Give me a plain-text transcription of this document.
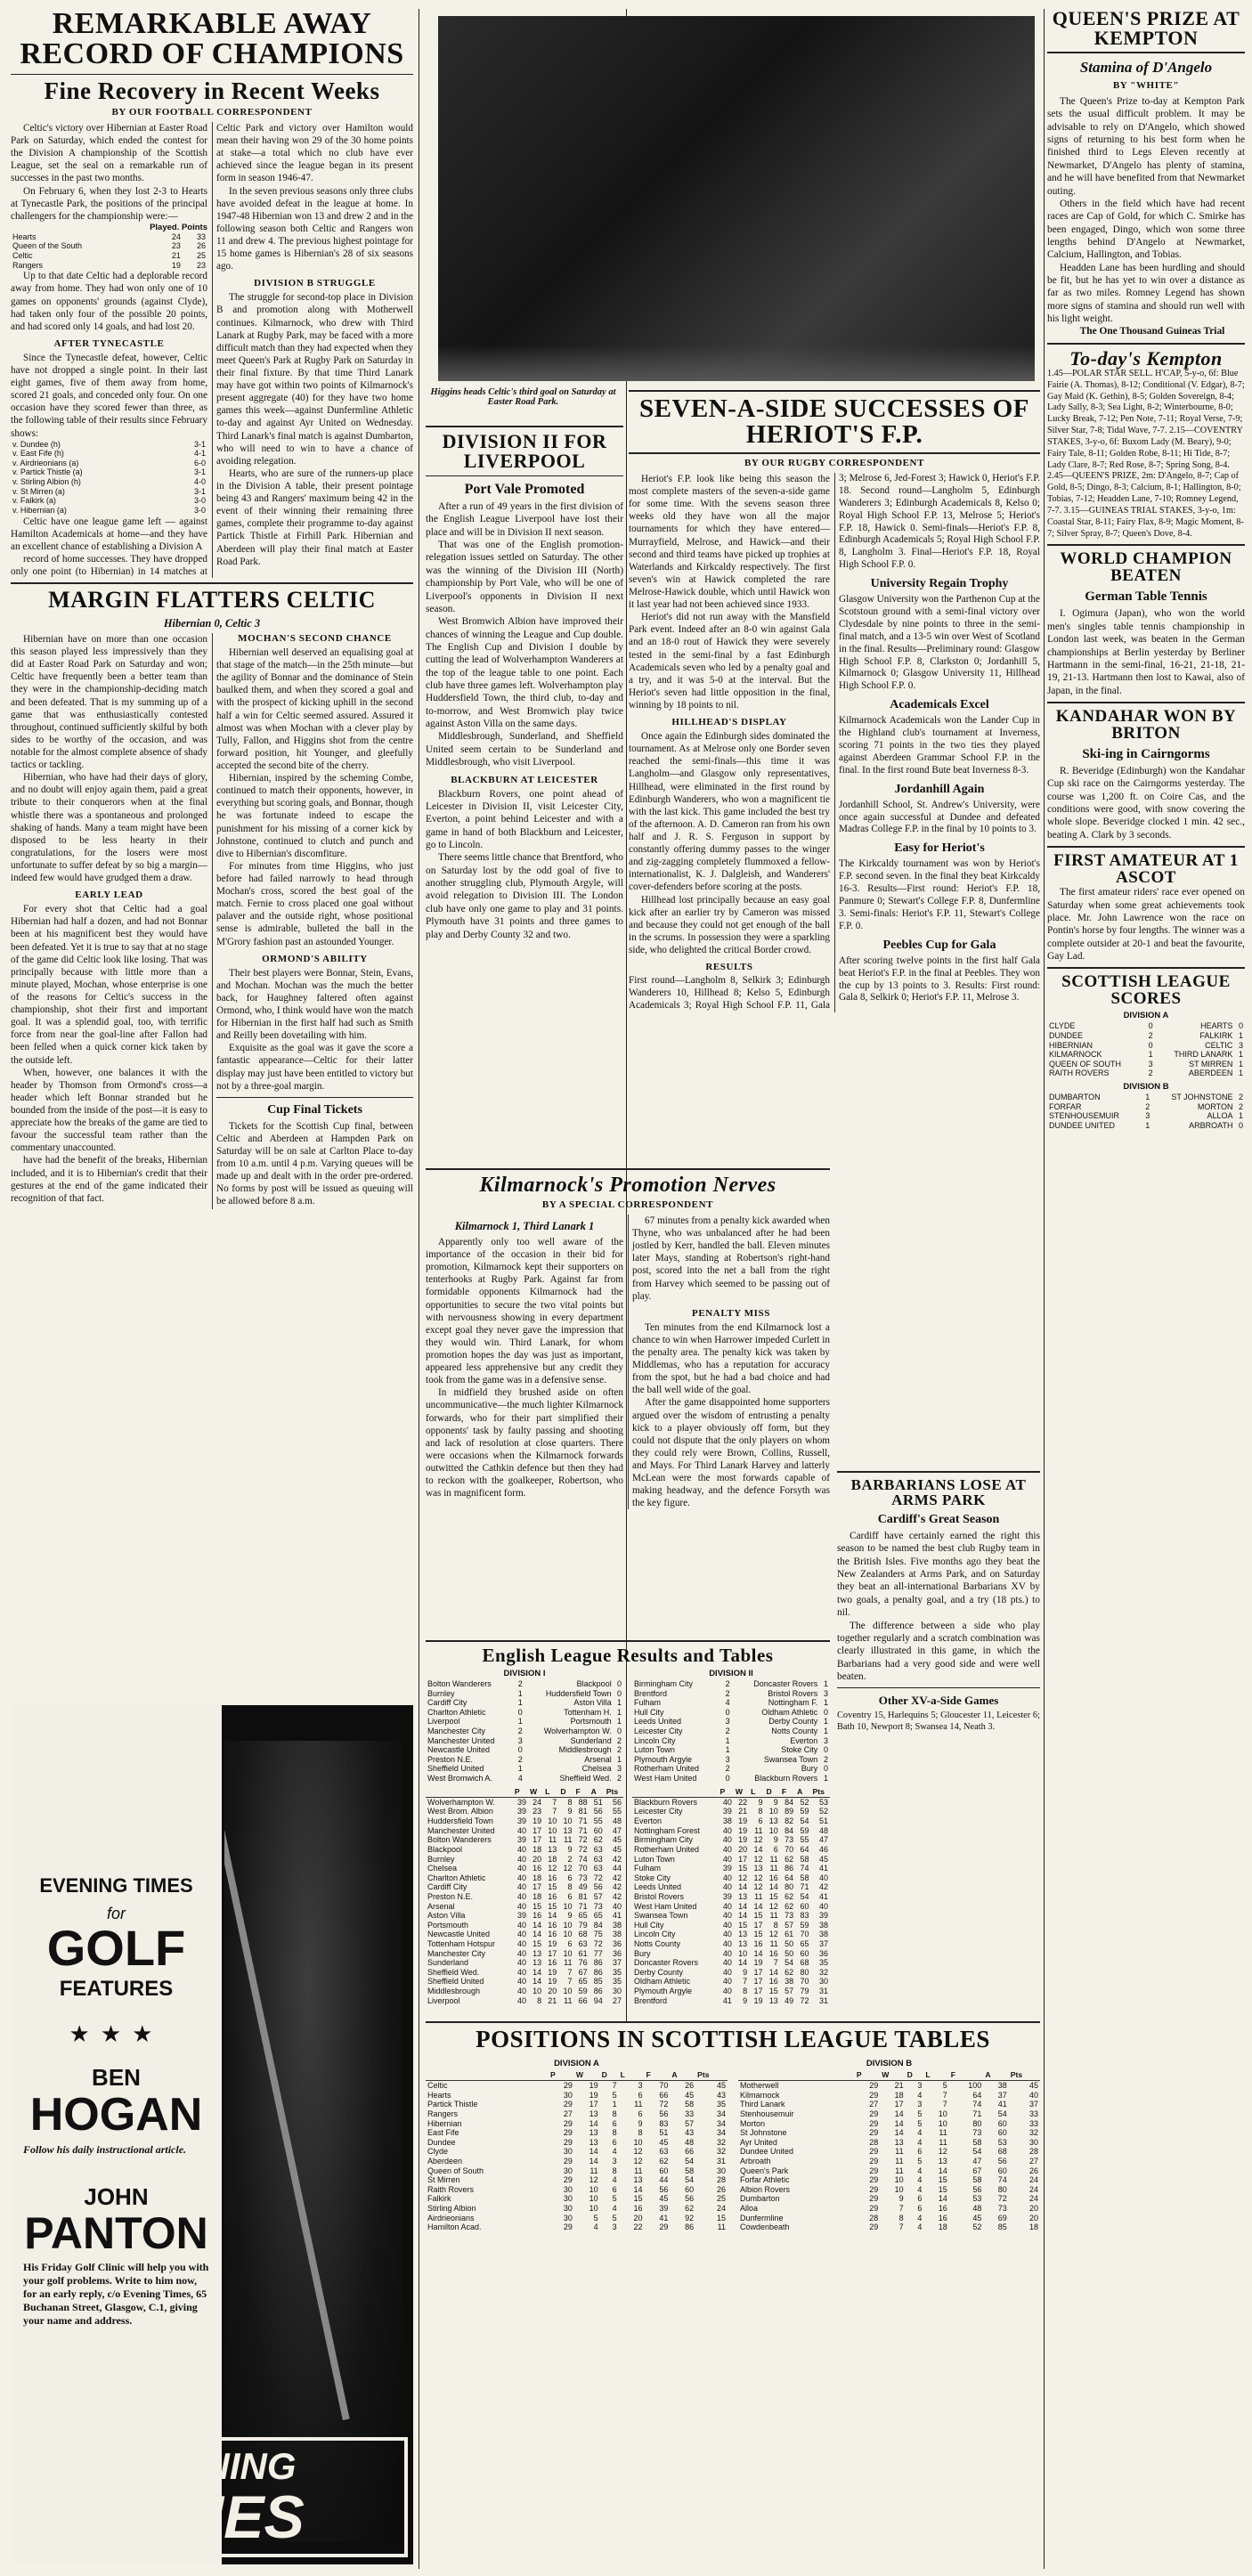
REMARKABLE AWAY RECORD OF CHAMPIONS
Fine Recovery in Recent Weeks
BY OUR FOOTBALL CORRESPONDENT

Celtic's victory over Hibernian at Easter Road Park on Saturday, which ended the contest for the Division A championship of the Scottish League, set the seal on a remarkable run of successes in the past two months.

On February 6, when they lost 2-3 to Hearts at Tynecastle Park, the positions of the principal challengers for the championship were:—

Played. Points
Hearts	24	33
Queen of the South	23	26
Celtic	21	25
Rangers	19	23

Up to that date Celtic had a deplorable record away from home. They had won only one of 10 games on opponents' grounds (against Clyde), had taken only four of the possible 20 points, and had scored only 14 goals, and had lost 20.

AFTER TYNECASTLE

Since the Tynecastle defeat, however, Celtic have not dropped a single point. In their last eight games, five of them away from home, scored 21 goals, and conceded only four. On one occasion have they scored fewer than three, as the following table of their results since February shows:

v. Dundee (h)	3-1
v. East Fife (h)	4-1
v. Airdrieonians (a)	6-0
v. Partick Thistle (a)	3-1
v. Stirling Albion (h)	4-0
v. St Mirren (a)	3-1
v. Falkirk (a)	3-0
v. Hibernian (a)	3-0

Celtic have one league game left — against Hamilton Academicals at home—and they have an excellent chance of establishing a Division A

record of home successes. They have dropped only one point (to Hibernian) in 14 matches at Celtic Park and victory over Hamilton would mean their having won 29 of the 30 home points at stake—a total which no club have ever achieved since the league began in its present form in season 1946-47.

In the seven previous seasons only three clubs have avoided defeat in the league at home. In 1947-48 Hibernian won 13 and drew 2 and in the following season both Celtic and Rangers won 11 and drew 4. The previous highest pointage for 15 home games is Hibernian's 28 of six seasons ago.

DIVISION B STRUGGLE

The struggle for second-top place in Division B and promotion along with Motherwell continues. Kilmarnock, who drew with Third Lanark at Rugby Park, may be faced with a more difficult match than they had expected when they meet Queen's Park at Rugby Park on Saturday in their final fixture. By that time Third Lanark may have got within two points of Kilmarnock's present aggregate (40) for they have two home games this week—against Dunfermline Athletic to-day and against Ayr United on Wednesday. Third Lanark's final match is against Dumbarton, who will need to win to have a chance of avoiding relegation.

Hearts, who are sure of the runners-up place in the Division A table, their present pointage being 43 and Rangers' maximum being 42 in the event of their winning their remaining three games, complete their programme to-day against Partick Thistle at Firhill Park. Hibernian and Aberdeen will play their final match at Easter Road Park.

MARGIN FLATTERS CELTIC
Hibernian 0, Celtic 3

Hibernian have on more than one occasion this season played less impressively than they did at Easter Road Park on Saturday and won; Celtic have frequently been a better team than they were in the championship-deciding match and been defeated. That is my summing up of a game that was enthusiastically contested throughout, continued sufficiently skilful by both sides to be worthy of the occasion, and was notable for the almost complete absence of shady tactics or tackling.

Hibernian, who have had their days of glory, and no doubt will enjoy again them, paid a great tribute to their conquerors when at the final whistle there was a spontaneous and prolonged shaking of hands. Many a team might have been disposed to be less hearty in their congratulations, for the losers were most unfortunate to suffer defeat by so big a margin—indeed few would have grudged them a draw.

EARLY LEAD

For every shot that Celtic had a goal Hibernian had half a dozen, and had not Bonnar been at his magnificent best they would have been defeated. Yet it is true to say that at no stage of the game did Celtic look like losing. That was principally because with little more than a minute played, Mochan, whose enterprise is one of the reasons for Celtic's success in the championship, shot their first and important goal. It was a splendid goal, too, with terrific force from near the goal-line after Fallon had been felled when a quick corner kick taken by the outside left.

When, however, one balances it with the header by Thomson from Ormond's cross—a header which left Bonnar stranded but he bounded from the inside of the post—it is easy to appreciate how the breaks of the game are tied to favour the successful team rather than the commentary unaccounted.

have had the benefit of the breaks, Hibernian included, and it is to Hibernian's credit that their gestures at the end of the game indicated their recognition of that fact.

MOCHAN'S SECOND CHANCE

Hibernian well deserved an equalising goal at that stage of the match—in the 25th minute—but the agility of Bonnar and the dominance of Stein baulked them, and when they scored a goal and with the prospect of kicking uphill in the second half a win for Celtic seemed assured. Assured it almost was when Mochan with a clever play by Tully, Fallon, and Higgins shot from the centre forward position, hit Younger, and gleefully accepted the second bite of the cherry.

Hibernian, inspired by the scheming Combe, continued to match their opponents, however, in everything but scoring goals, and Bonnar, though he was fortunate indeed to escape the punishment for his missing of a corner kick by Johnstone, continued to clutch and punch and dive to Hibernian's discomfiture.

For minutes from time Higgins, who just before had failed narrowly to head through Mochan's cross, scored the best goal of the match. Fernie to cross placed one goal without palaver and the outside right, whose positional sense is admirable, bulleted the ball in the M'Grory fashion past an astounded Younger.

ORMOND'S ABILITY

Their best players were Bonnar, Stein, Evans, and Mochan. Mochan was the much the better back, for Haughney faltered often against Ormond, who, I think would have won the match for Hibernian in the first half had such as Smith and Reilly been dovetailing with him.

Exquisite as the goal was it gave the score a fantastic appearance—Celtic for their latter display may just have been entitled to victory but not by a three-goal margin.

Cup Final Tickets

Tickets for the Scottish Cup final, between Celtic and Aberdeen at Hampden Park on Saturday will be on sale at Carlton Place to-day from 10 a.m. until 4 p.m. Varying queues will be made up and dealt with in the order pre-ordered. No forms by post will be issued as queuing will be allowed before 8 a.m.

EVENING TIMES
for
GOLF
FEATURES
★★★
BEN
HOGAN
Follow his daily instructional article.
JOHN
PANTON
His Friday Golf Clinic will help you with your golf problems. Write to him now, for an early reply, c/o Evening Times, 65 Buchanan Street, Glasgow, C.1, giving your name and address.
EVENING
TIMES
Higgins heads Celtic's third goal on Saturday at Easter Road Park.
DIVISION II FOR LIVERPOOL
Port Vale Promoted

After a run of 49 years in the first division of the English League Liverpool have lost their place and will be in Division II next season.

That was one of the English promotion-relegation issues settled on Saturday. The other was the winning of the Division III (North) championship by Port Vale, who will be one of Liverpool's opponents in Division II next season.

West Bromwich Albion have improved their chances of winning the League and Cup double. The English Cup and Division I double by cutting the lead of Wolverhampton Wanderers at the top of the league table to one point. Each club have three games left. Wolverhampton play Huddersfield Town, the third club, to-day and to-morrow, and West Bromwich play twice against Aston Villa on the same days.

Middlesbrough, Sunderland, and Sheffield United seem certain to be Sunderland and Middlesbrough, who visit Liverpool.

BLACKBURN AT LEICESTER

Blackburn Rovers, one point ahead of Leicester in Division II, visit Leicester City, Everton, a point behind Leicester and with a game in hand of both Blackburn and Leicester, go to Lincoln.

There seems little chance that Brentford, who on Saturday lost by the odd goal of five to another struggling club, Plymouth Argyle, will avoid relegation to Division III. The London club have only one game to play and 31 points. Plymouth have 31 points and three games to play and Derby County 32 and two.

SEVEN-A-SIDE SUCCESSES OF HERIOT'S F.P.
BY OUR RUGBY CORRESPONDENT

Heriot's F.P. look like being this season the most complete masters of the seven-a-side game for some time. With the sevens season three weeks old they have won all the major tournaments for which they have entered—Murrayfield, Melrose, and Hawick—and their second and third teams have picked up trophies at Waterlands and Kirkcaldy respectively. The first seven's win at Hawick completed the rare Melrose-Hawick double, which until Hawick won it last year had not been achieved since 1933.

Heriot's did not run away with the Mansfield Park event. Indeed after an 8-0 win against Gala and an 18-0 rout of Hawick they were severely tested in the semi-final by a fast Edinburgh Academicals seven who led by a penalty goal and a try, and it was 5-0 at the interval. But the Heriot's seven had little opposition in the final, winning by 18 points to nil.

HILLHEAD'S DISPLAY

Once again the Edinburgh sides dominated the tournament. As at Melrose only one Border seven reached the semi-finals—this time it was Langholm—and Glasgow only representatives, Hillhead, were eliminated in the first round by Edinburgh Wanderers, who won a magnificent tie with the last kick. This game included the best try of the afternoon. A. D. Cameron ran from his own half and J. R. S. Ferguson in support by constantly offering dummy passes to the winger and zig-zagging completely flummoxed a fellow-internationalist, K. J. Dalgleish, and Wanderers' cover-defenders before scoring at the posts.

Hillhead lost principally because an easy goal kick after an earlier try by Cameron was missed and because they could not get enough of the ball in the scrums. In possession they were a sparkling side, who delighted the critical Border crowd.

RESULTS

First round—Langholm 8, Selkirk 3; Edinburgh Wanderers 10, Hillhead 8; Kelso 5, Edinburgh Academicals 3; Royal High School F.P. 11, Gala 3; Melrose 6, Jed-Forest 3; Hawick 0, Heriot's F.P. 18. Second round—Langholm 5, Edinburgh Wanderers 3; Edinburgh Academicals 8, Kelso 0; Royal High School F.P. 13, Melrose 5; Heriot's F.P. 18, Hawick 0. Semi-finals—Heriot's F.P. 8, Edinburgh Academicals 5; Royal High School F.P. 8, Langholm 3. Final—Heriot's F.P. 18, Royal High School F.P. 0.

University Regain Trophy

Glasgow University won the Parthenon Cup at the Scotstoun ground with a semi-final victory over Clydesdale by nine points to three in the semi-final match, and a 13-5 win over West of Scotland in the final. Results—Preliminary round: Glasgow High School F.P. 8, Clarkston 0; Jordanhill 5, Kilmarnock 0; Glasgow University 11, Hillhead High School F.P. 0.

Academicals Excel

Kilmarnock Academicals won the Lander Cup in the Highland club's tournament at Inverness, scoring 71 points in the two ties they played against Aberdeen Grammar School F.P. in the final. In the first round Bute beat Inverness 8-3.

Jordanhill Again

Jordanhill School, St. Andrew's University, were once again successful at Dundee and defeated Madras College F.P. in the final by 10 points to 3.

Easy for Heriot's

The Kirkcaldy tournament was won by Heriot's F.P. second seven. In the final they beat Kirkcaldy 16-3. Results—First round: Heriot's F.P. 18, Panmure 0; Stewart's College F.P. 8, Dunfermline 3. Semi-finals: Heriot's F.P. 11, Stewart's College F.P. 0.

Peebles Cup for Gala

After scoring twelve points in the first half Gala beat Heriot's F.P. in the final at Peebles. They won the cup by 13 points to 3. Results: First round: Gala 8, Selkirk 0; Heriot's F.P. 11, Melrose 3.

Kilmarnock's Promotion Nerves
BY A SPECIAL CORRESPONDENT
Kilmarnock 1, Third Lanark 1

Apparently only too well aware of the importance of the occasion in their bid for promotion, Kilmarnock kept their supporters on tenterhooks at Rugby Park. Against far from formidable opponents Kilmarnock had the opportunities to secure the two vital points but with nervousness showing in every department except goal they never gave the impression that they would win. Third Lanark, for whom promotion hopes the day was just as important, appeared less apprehensive but any credit they took from the game was in a defensive sense.

In midfield they brushed aside on often uncommunicative—the much lighter Kilmarnock forwards, who for their part simplified their opponents' task by faulty passing and shooting and lack of resolution at close quarters. There were occasions when the Kilmarnock forwards outwitted the Cathkin defence but then they had to reckon with the goalkeeper, Robertson, who was in magnificent form.

67 minutes from a penalty kick awarded when Thyne, who was unbalanced after he had been jostled by Kerr, handled the ball. Eleven minutes later Mays, standing at Robertson's right-hand post, scored into the net a ball from the right from Harvey which seemed to be passing out of play.

PENALTY MISS

Ten minutes from the end Kilmarnock lost a chance to win when Harrower impeded Curlett in the penalty area. The penalty kick was taken by Middlemas, who has a reputation for accuracy from the spot, but he had a bad choice and had the ball well wide of the goal.

After the game disappointed home supporters argued over the wisdom of entrusting a penalty kick to a player obviously off form, but they could not dispute that the only players on whom they could rely were Brown, Collins, Russell, and Mays. For Third Lanark Harvey and latterly McLean were the most forwards capable of making headway, and the defence Forsyth was the key figure.

BARBARIANS LOSE AT ARMS PARK
Cardiff's Great Season

Cardiff have certainly earned the right this season to be named the best club Rugby team in the British Isles. Five months ago they beat the New Zealanders at Arms Park, and on Saturday they beat an all-international Barbarians XV by two goals, a penalty goal, and a try (18 pts.) to nil.

The difference between a side who play together regularly and a scratch combination was clearly illustrated in this game, in which the Barbarians had a very good side and were well beaten.

Other XV-a-Side Games

Coventry 15, Harlequins 5; Gloucester 11, Leicester 6; Bath 10, Newport 8; Swansea 14, Neath 3.

English League Results and Tables
DIVISION I
Bolton Wanderers	2	Blackpool	0
Burnley	1	Huddersfield Town	0
Cardiff City	1	Aston Villa	1
Charlton Athletic	0	Tottenham H.	1
Liverpool	1	Portsmouth	1
Manchester City	2	Wolverhampton W.	0
Manchester United	3	Sunderland	2
Newcastle United	0	Middlesbrough	2
Preston N.E.	2	Arsenal	1
Sheffield United	1	Chelsea	3
West Bromwich A.	4	Sheffield Wed.	2
	P	W	L	D	F	A	Pts
Wolverhampton W.	39	24	7	8	88	51	56
West Brom. Albion	39	23	7	9	81	56	55
Huddersfield Town	39	19	10	10	71	55	48
Manchester United	40	17	10	13	71	60	47
Bolton Wanderers	39	17	11	11	72	62	45
Blackpool	40	18	13	9	72	63	45
Burnley	40	20	18	2	74	63	42
Chelsea	40	16	12	12	70	63	44
Charlton Athletic	40	18	16	6	73	72	42
Cardiff City	40	17	15	8	49	56	42
Preston N.E.	40	18	16	6	81	57	42
Arsenal	40	15	15	10	71	73	40
Aston Villa	39	16	14	9	65	65	41
Portsmouth	40	14	16	10	79	84	38
Newcastle United	40	14	16	10	68	75	38
Tottenham Hotspur	40	15	19	6	63	72	36
Manchester City	40	13	17	10	61	77	36
Sunderland	40	13	16	11	76	86	37
Sheffield Wed.	40	14	19	7	67	86	35
Sheffield United	40	14	19	7	65	85	35
Middlesbrough	40	10	20	10	59	86	30
Liverpool	40	8	21	11	66	94	27
DIVISION II
Birmingham City	2	Doncaster Rovers	1
Brentford	2	Bristol Rovers	3
Fulham	4	Nottingham F.	1
Hull City	0	Oldham Athletic	0
Leeds United	3	Derby County	1
Leicester City	2	Notts County	1
Lincoln City	1	Everton	3
Luton Town	1	Stoke City	0
Plymouth Argyle	3	Swansea Town	2
Rotherham United	2	Bury	0
West Ham United	0	Blackburn Rovers	1
	P	W	L	D	F	A	Pts
Blackburn Rovers	40	22	9	9	84	52	53
Leicester City	39	21	8	10	89	59	52
Everton	38	19	6	13	82	54	51
Nottingham Forest	40	19	11	10	84	59	48
Birmingham City	40	19	12	9	73	55	47
Rotherham United	40	20	14	6	70	64	46
Luton Town	40	17	12	11	62	58	45
Fulham	39	15	13	11	86	74	41
Stoke City	40	12	12	16	64	58	40
Leeds United	40	14	12	14	80	71	42
Bristol Rovers	39	13	11	15	62	54	41
West Ham United	40	14	14	12	62	60	40
Swansea Town	40	14	15	11	73	83	39
Hull City	40	15	17	8	57	59	38
Lincoln City	40	13	15	12	61	70	38
Notts County	40	13	16	11	50	65	37
Bury	40	10	14	16	50	60	36
Doncaster Rovers	40	14	19	7	54	68	35
Derby County	40	9	17	14	62	80	32
Oldham Athletic	40	7	17	16	38	70	30
Plymouth Argyle	40	8	17	15	57	79	31
Brentford	41	9	19	13	49	72	31
POSITIONS IN SCOTTISH LEAGUE TABLES
DIVISION A
	P	W	D	L	F	A	Pts
Celtic	29	19	7	3	70	26	45
Hearts	30	19	5	6	66	45	43
Partick Thistle	29	17	1	11	72	58	35
Rangers	27	13	8	6	56	33	34
Hibernian	29	14	6	9	83	57	34
East Fife	29	13	8	8	51	43	34
Dundee	29	13	6	10	45	48	32
Clyde	30	14	4	12	63	66	32
Aberdeen	29	14	3	12	62	54	31
Queen of South	30	11	8	11	60	58	30
St Mirren	29	12	4	13	44	54	28
Raith Rovers	30	10	6	14	56	60	26
Falkirk	30	10	5	15	45	56	25
Stirling Albion	30	10	4	16	39	62	24
Airdrieonians	30	5	5	20	41	92	15
Hamilton Acad.	29	4	3	22	29	86	11
DIVISION B
	P	W	D	L	F	A	Pts
Motherwell	29	21	3	5	100	38	45
Kilmarnock	29	18	4	7	64	37	40
Third Lanark	27	17	3	7	74	41	37
Stenhousemuir	29	14	5	10	71	54	33
Morton	29	14	5	10	80	60	33
St Johnstone	29	14	4	11	73	60	32
Ayr United	28	13	4	11	58	53	30
Dundee United	29	11	6	12	54	68	28
Arbroath	29	11	5	13	47	56	27
Queen's Park	29	11	4	14	67	60	26
Forfar Athletic	29	10	4	15	58	74	24
Albion Rovers	29	10	4	15	56	80	24
Dumbarton	29	9	6	14	53	72	24
Alloa	29	7	6	16	48	73	20
Dunfermline	28	8	4	16	45	69	20
Cowdenbeath	29	7	4	18	52	85	18
QUEEN'S PRIZE AT KEMPTON
Stamina of D'Angelo
BY "WHITE"

The Queen's Prize to-day at Kempton Park sets the usual difficult problem. It may be advisable to rely on D'Angelo, which showed signs of returning to his best form when he finished third to Legs Eleven recently at Newmarket, D'Angelo has plenty of stamina, and he will have benefited from that Newmarket outing.

Others in the field which have had recent races are Cap of Gold, for which C. Smirke has been engaged, Dingo, which won some three lengths behind D'Angelo at Newmarket, Calcium, Hallington, and Tobias.

Headden Lane has been hurdling and should be fit, but he has yet to win over a distance as far as two miles. Romney Legend has shown more signs of stamina and should run well with his light weight.

The One Thousand Guineas Trial

To-day's Kempton

1.45—POLAR STAR SELL. H'CAP, 5-y-o, 6f: Blue Fairie (A. Thomas), 8-12; Conditional (V. Edgar), 8-7; Gay Maid (K. Gethin), 8-5; Golden Sovereign, 8-4; Lady Sally, 8-3; Sea Light, 8-2; Winterbourne, 8-0; Lucky Break, 7-12; Pen Note, 7-11; Royal Verse, 7-9; Silver Star, 7-8; Tidal Wave, 7-7. 2.15—COVENTRY STAKES, 3-y-o, 6f: Buxom Lady (M. Beary), 9-0; Fairy Tale, 8-11; Golden Robe, 8-11; Hi Tide, 8-7; Lady Clare, 8-7; Red Rose, 8-7; Spring Song, 8-4. 2.45—QUEEN'S PRIZE, 2m: D'Angelo, 8-7; Cap of Gold, 8-5; Dingo, 8-3; Calcium, 8-1; Hallington, 8-0; Tobias, 7-12; Headden Lane, 7-10; Romney Legend, 7-7. 3.15—GUINEAS TRIAL STAKES, 3-y-o, 1m: Coastal Star, 8-11; Fairy Flax, 8-9; Magic Moment, 8-7; Silver Spray, 8-7; Queen's Dove, 8-4.

WORLD CHAMPION BEATEN
German Table Tennis

I. Ogimura (Japan), who won the world men's singles table tennis championship in London last week, was beaten in the German championships at Berlin yesterday by Berliner Hartmann in the semi-final, 16-21, 21-18, 21-19, 21-13. Hartmann then lost to Kawai, also of Japan, in the final.

KANDAHAR WON BY BRITON
Ski-ing in Cairngorms

R. Beveridge (Edinburgh) won the Kandahar Cup ski race on the Cairngorms yesterday. The course was 1,200 ft. on Coire Cas, and the conditions were good, with snow covering the whole slope. Beveridge clocked 1 min. 42 sec., beating A. Clark by 3 seconds.

FIRST AMATEUR AT 1 ASCOT

The first amateur riders' race ever opened on Saturday when some great achievements took place. Mr. John Lawrence won the race on Pontin's horse by four lengths. The winner was a complete outsider at 20-1 and beat the favourite, Gay Lad.

SCOTTISH LEAGUE SCORES
DIVISION A
CLYDE	0	HEARTS	0
DUNDEE	2	FALKIRK	1
HIBERNIAN	0	CELTIC	3
KILMARNOCK	1	THIRD LANARK	1
QUEEN OF SOUTH	3	ST MIRREN	1
RAITH ROVERS	2	ABERDEEN	1
DIVISION B
DUMBARTON	1	ST JOHNSTONE	2
FORFAR	2	MORTON	2
STENHOUSEMUIR	3	ALLOA	1
DUNDEE UNITED	1	ARBROATH	0
